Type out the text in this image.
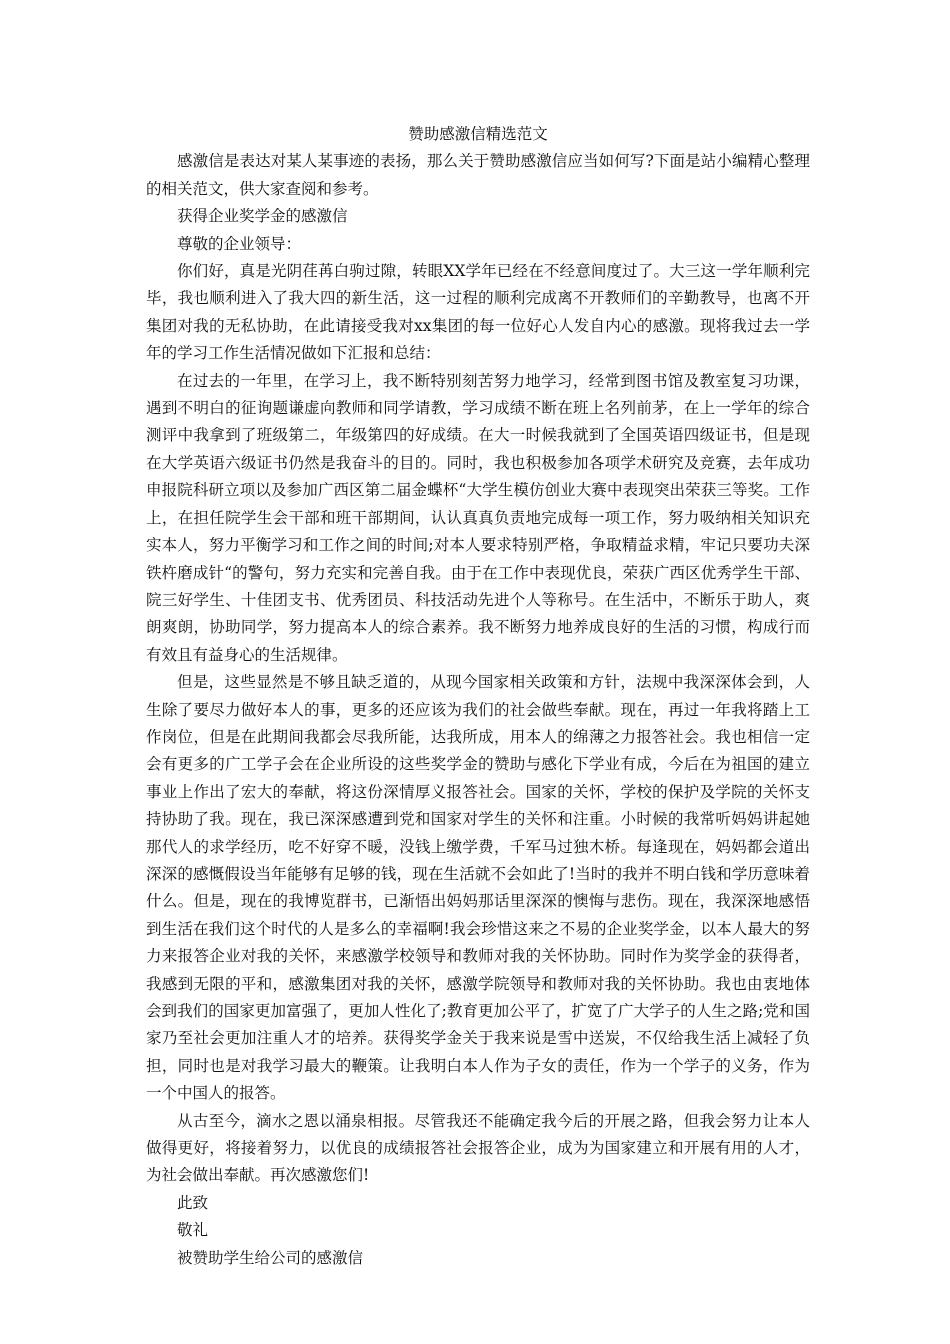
赞助感激信精选范文

感激信是表达对某人某事迹的表扬，那么关于赞助感激信应当如何写?下面是站小编精心整理的相关范文，供大家查阅和参考。

获得企业奖学金的感激信

尊敬的企业领导：

你们好，真是光阴荏苒白驹过隙，转眼XX学年已经在不经意间度过了。大三这一学年顺利完毕，我也顺利进入了我大四的新生活，这一过程的顺利完成离不开教师们的辛勤教导，也离不开集团对我的无私协助，在此请接受我对xx集团的每一位好心人发自内心的感激。现将我过去一学年的学习工作生活情况做如下汇报和总结：

在过去的一年里，在学习上，我不断特别刻苦努力地学习，经常到图书馆及教室复习功课，遇到不明白的征询题谦虚向教师和同学请教，学习成绩不断在班上名列前茅，在上一学年的综合测评中我拿到了班级第二，年级第四的好成绩。在大一时候我就到了全国英语四级证书，但是现在大学英语六级证书仍然是我奋斗的目的。同时，我也积极参加各项学术研究及竞赛，去年成功申报院科研立项以及参加广西区第二届金蝶杯“大学生模仿创业大赛中表现突出荣获三等奖。工作上，在担任院学生会干部和班干部期间，认认真真负责地完成每一项工作，努力吸纳相关知识充实本人，努力平衡学习和工作之间的时间;对本人要求特别严格，争取精益求精，牢记只要功夫深铁杵磨成针“的警句，努力充实和完善自我。由于在工作中表现优良，荣获广西区优秀学生干部、院三好学生、十佳团支书、优秀团员、科技活动先进个人等称号。在生活中，不断乐于助人，爽朗爽朗，协助同学，努力提高本人的综合素养。我不断努力地养成良好的生活的习惯，构成行而有效且有益身心的生活规律。

但是，这些显然是不够且缺乏道的，从现今国家相关政策和方针，法规中我深深体会到，人生除了要尽力做好本人的事，更多的还应该为我们的社会做些奉献。现在，再过一年我将踏上工作岗位，但是在此期间我都会尽我所能，达我所成，用本人的绵薄之力报答社会。我也相信一定会有更多的广工学子会在企业所设的这些奖学金的赞助与感化下学业有成，今后在为祖国的建立事业上作出了宏大的奉献，将这份深情厚义报答社会。国家的关怀，学校的保护及学院的关怀支持协助了我。现在，我已深深感遭到党和国家对学生的关怀和注重。小时候的我常听妈妈讲起她那代人的求学经历，吃不好穿不暖，没钱上缴学费，千军马过独木桥。每逢现在，妈妈都会道出深深的感慨假设当年能够有足够的钱，现在生活就不会如此了!当时的我并不明白钱和学历意味着什么。但是，现在的我博览群书，已渐悟出妈妈那话里深深的懊悔与悲伤。现在，我深深地感悟到生活在我们这个时代的人是多么的幸福啊!我会珍惜这来之不易的企业奖学金，以本人最大的努力来报答企业对我的关怀，来感激学校领导和教师对我的关怀协助。同时作为奖学金的获得者，我感到无限的平和，感激集团对我的关怀，感激学院领导和教师对我的关怀协助。我也由衷地体会到我们的国家更加富强了，更加人性化了;教育更加公平了，扩宽了广大学子的人生之路;党和国家乃至社会更加注重人才的培养。获得奖学金关于我来说是雪中送炭，不仅给我生活上减轻了负担，同时也是对我学习最大的鞭策。让我明白本人作为子女的责任，作为一个学子的义务，作为一个中国人的报答。

从古至今，滴水之恩以涌泉相报。尽管我还不能确定我今后的开展之路，但我会努力让本人做得更好，将接着努力，以优良的成绩报答社会报答企业，成为为国家建立和开展有用的人才，为社会做出奉献。再次感激您们!

此致

敬礼

被赞助学生给公司的感激信
